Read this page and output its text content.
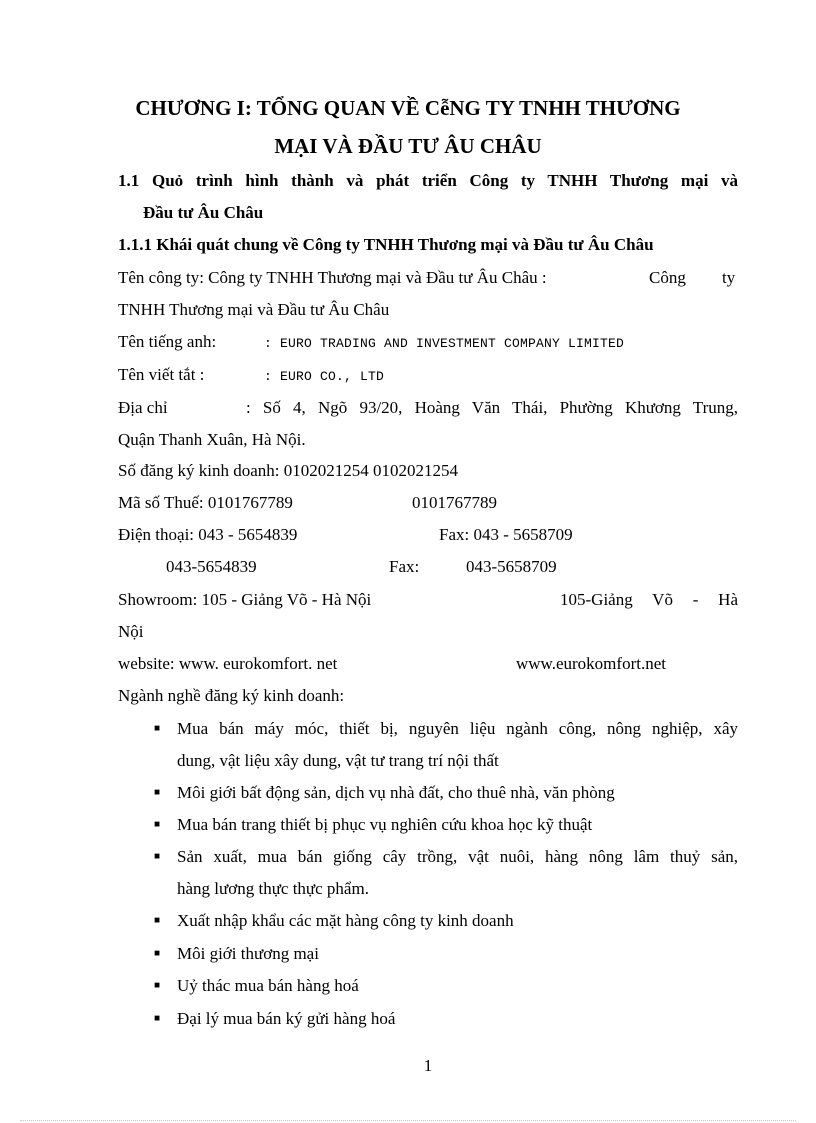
CHƯƠNG I: TỔNG QUAN VỀ CễNG TY TNHH THƯƠNG
MẠI VÀ ĐẦU TƯ ÂU CHÂU
1.1 Quỏ trình hình thành và phát triển Công ty TNHH Thương mại và
Đầu tư Âu Châu
1.1.1 Khái quát chung về Công ty TNHH Thương mại và Đầu tư Âu Châu
Tên công ty: Công ty TNHH Thương mại và Đầu tư Âu Châu :	Công ty
TNHH Thương mại và Đầu tư Âu Châu
Tên tiếng anh:	: EURO TRADING AND INVESTMENT COMPANY LIMITED
Tên viết tắt :	: EURO CO., LTD
Địa chỉ	: Số 4, Ngõ 93/20, Hoàng Văn Thái, Phường Khương Trung,
Quận Thanh Xuân, Hà Nội.
Số đăng ký kinh doanh: 0102021254 0102021254
Mã số Thuế: 0101767789	0101767789
Điện thoại: 043 - 5654839	Fax: 043 - 5658709
043-5654839	Fax:	043-5658709
Showroom: 105 - Giảng Võ - Hà Nội	105-Giảng Võ - Hà
Nội
website: www. eurokomfort. net	www.eurokomfort.net
Ngành nghề đăng ký kinh doanh:
■ Mua bán máy móc, thiết bị, nguyên liệu ngành công, nông nghiệp, xây
dung, vật liệu xây dung, vật tư trang trí nội thất
■ Môi giới bất động sản, dịch vụ nhà đất, cho thuê nhà, văn phòng
■ Mua bán trang thiết bị phục vụ nghiên cứu khoa học kỹ thuật
■ Sản xuất, mua bán giống cây trồng, vật nuôi, hàng nông lâm thuỷ sản,
hàng lương thực thực phẩm.
■ Xuất nhập khẩu các mặt hàng công ty kinh doanh
■ Môi giới thương mại
■ Uỷ thác mua bán hàng hoá
■ Đại lý mua bán ký gửi hàng hoá
1
